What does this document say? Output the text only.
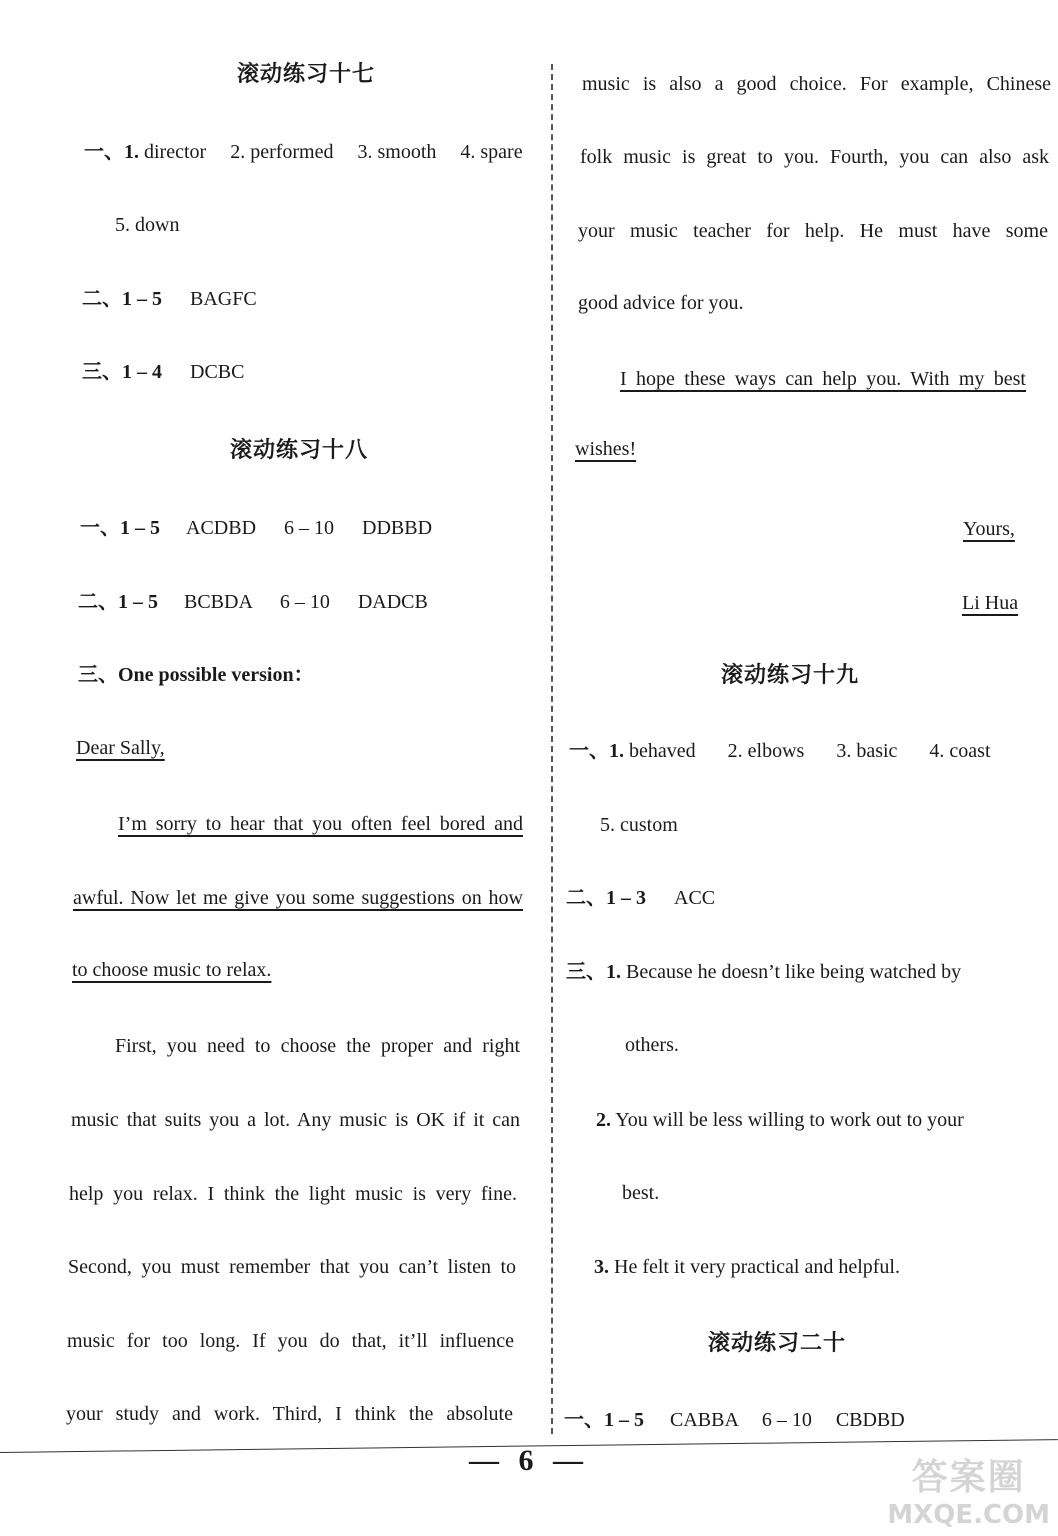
滚动练习十七
一、1. director 2. performed 3. smooth 4. spare
5. down
二、1 – 5 BAGFC
三、1 – 4 DCBC
滚动练习十八
一、1 – 5 ACDBD 6 – 10 DDBBD
二、1 – 5 BCBDA 6 – 10 DADCB
三、One possible version：
Dear Sally,
I’m sorry to hear that you often feel bored and
awful. Now let me give you some suggestions on how
to choose music to relax.
First, you need to choose the proper and right
music that suits you a lot. Any music is OK if it can
help you relax. I think the light music is very fine.
Second, you must remember that you can’t listen to
music for too long. If you do that, it’ll influence
your study and work. Third, I think the absolute
music is also a good choice. For example, Chinese
folk music is great to you. Fourth, you can also ask
your music teacher for help. He must have some
good advice for you.
I hope these ways can help you. With my best
wishes!
Yours,
Li Hua
滚动练习十九
一、1. behaved 2. elbows 3. basic 4. coast
5. custom
二、1 – 3 ACC
三、1. Because he doesn’t like being watched by
others.
2. You will be less willing to work out to your
best.
3. He felt it very practical and helpful.
滚动练习二十
一、1 – 5 CABBA 6 – 10 CBDBD
— 6 —	答案圈
MXQE.COM
